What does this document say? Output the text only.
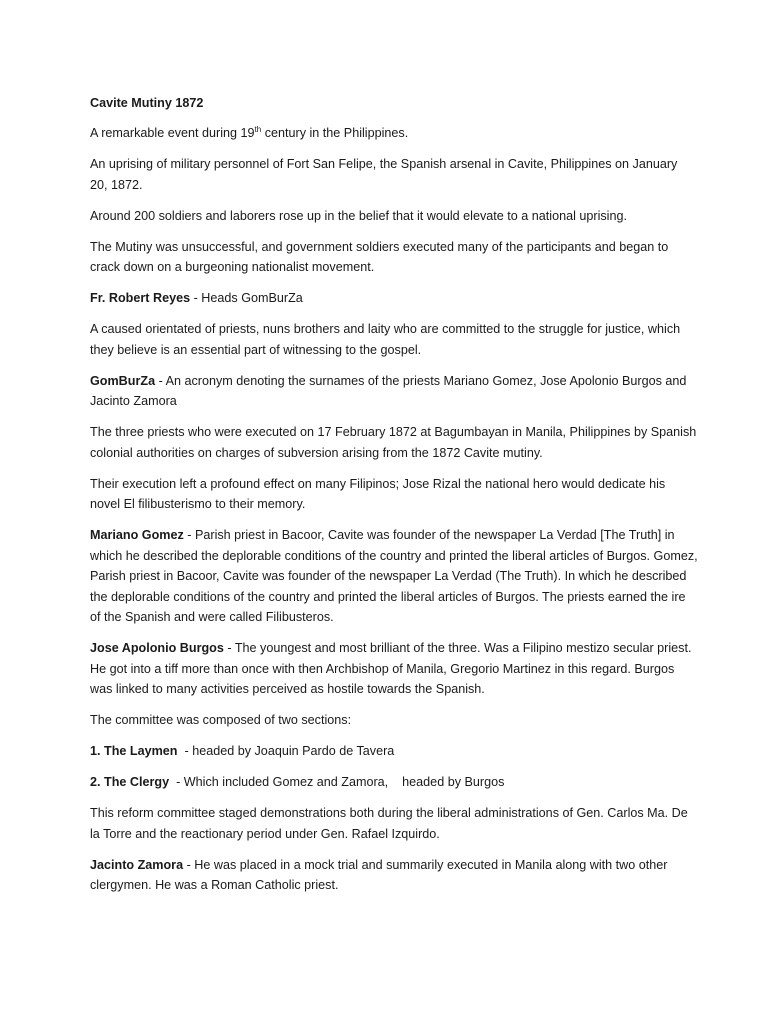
Cavite Mutiny 1872

A remarkable event during 19th century in the Philippines.

An uprising of military personnel of Fort San Felipe, the Spanish arsenal in Cavite, Philippines on January 20, 1872.

Around 200 soldiers and laborers rose up in the belief that it would elevate to a national uprising.

The Mutiny was unsuccessful, and government soldiers executed many of the participants and began to crack down on a burgeoning nationalist movement.

Fr. Robert Reyes - Heads GomBurZa

A caused orientated of priests, nuns brothers and laity who are committed to the struggle for justice, which they believe is an essential part of witnessing to the gospel.

GomBurZa - An acronym denoting the surnames of the priests Mariano Gomez, Jose Apolonio Burgos and Jacinto Zamora

The three priests who were executed on 17 February 1872 at Bagumbayan in Manila, Philippines by Spanish colonial authorities on charges of subversion arising from the 1872 Cavite mutiny.

Their execution left a profound effect on many Filipinos; Jose Rizal the national hero would dedicate his novel El filibusterismo to their memory.

Mariano Gomez - Parish priest in Bacoor, Cavite was founder of the newspaper La Verdad [The Truth] in which he described the deplorable conditions of the country and printed the liberal articles of Burgos. Gomez, Parish priest in Bacoor, Cavite was founder of the newspaper La Verdad (The Truth). In which he described the deplorable conditions of the country and printed the liberal articles of Burgos. The priests earned the ire of the Spanish and were called Filibusteros.

Jose Apolonio Burgos - The youngest and most brilliant of the three. Was a Filipino mestizo secular priest. He got into a tiff more than once with then Archbishop of Manila, Gregorio Martinez in this regard. Burgos was linked to many activities perceived as hostile towards the Spanish.

The committee was composed of two sections:

1. The Laymen  - headed by Joaquin Pardo de Tavera

2. The Clergy  - Which included Gomez and Zamora,    headed by Burgos

This reform committee staged demonstrations both during the liberal administrations of Gen. Carlos Ma. De la Torre and the reactionary period under Gen. Rafael Izquirdo.

Jacinto Zamora - He was placed in a mock trial and summarily executed in Manila along with two other clergymen. He was a Roman Catholic priest.
